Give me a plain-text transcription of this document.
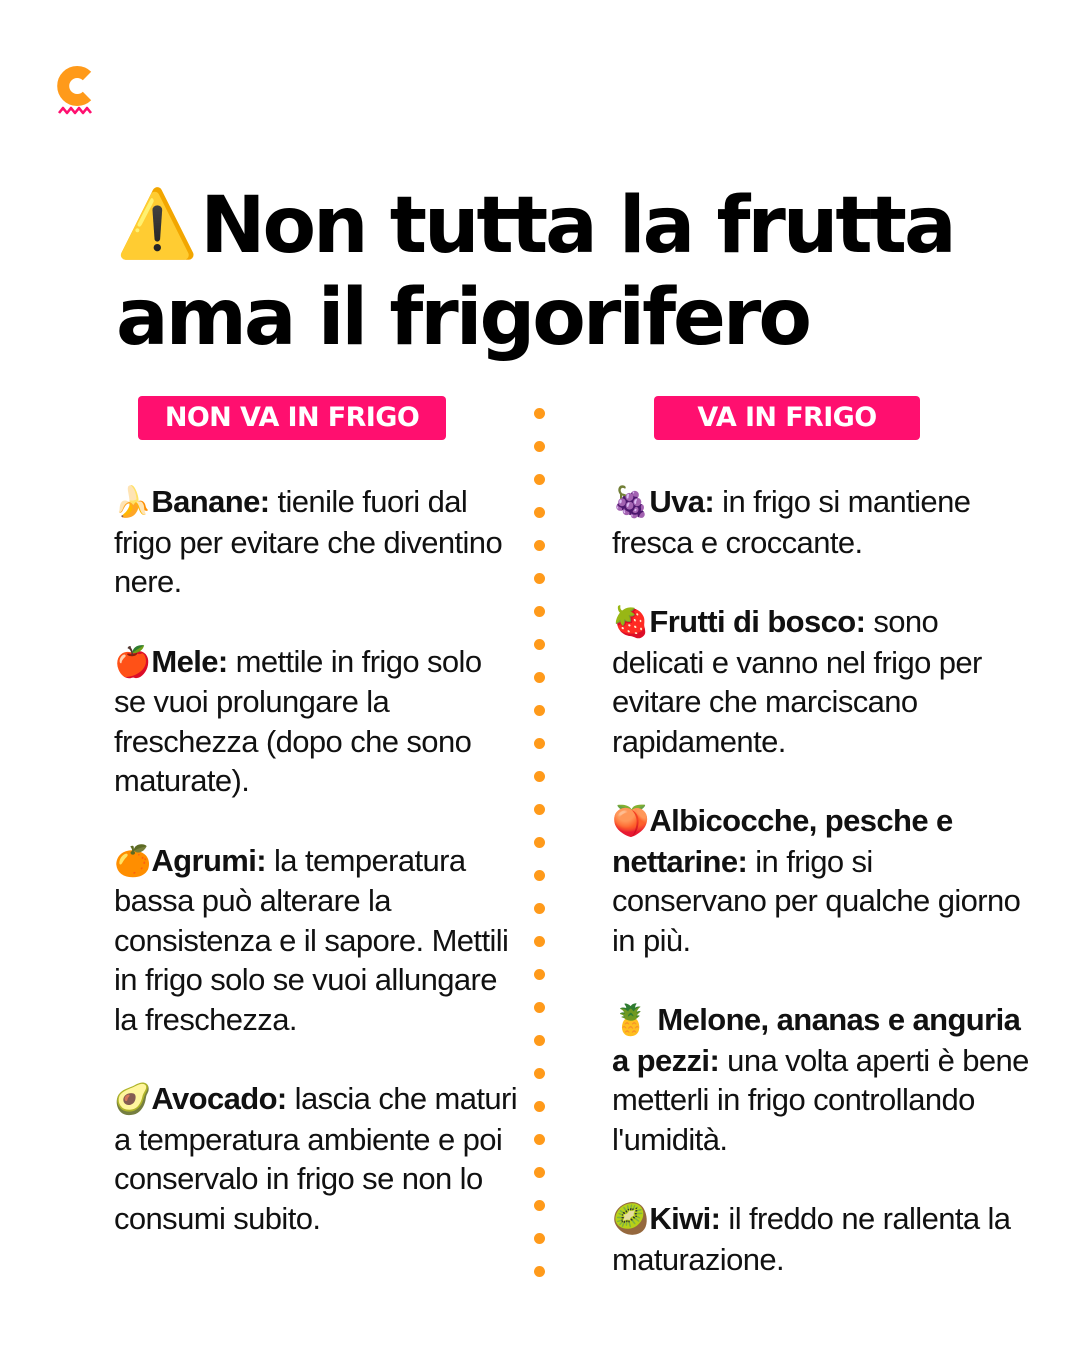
⚠️Non tutta la frutta ama il frigorifero
NON VA IN FRIGO

🍌Banane: tienile fuori dal frigo per evitare che diventino nere.

🍎Mele: mettile in frigo solo se vuoi prolungare la freschezza (dopo che sono maturate).

🍊Agrumi: la temperatura bassa può alterare la consistenza e il sapore. Mettili in frigo solo se vuoi allungare la freschezza.

🥑Avocado: lascia che maturi a temperatura ambiente e poi conservalo in frigo se non lo consumi subito.

VA IN FRIGO

🍇Uva: in frigo si mantiene fresca e croccante.

🍓Frutti di bosco: sono delicati e vanno nel frigo per evitare che marciscano rapidamente.

🍑Albicocche, pesche e nettarine: in frigo si conservano per qualche giorno in più.

🍍 Melone, ananas e anguria a pezzi: una volta aperti è bene metterli in frigo controllando l'umidità.

🥝Kiwi: il freddo ne rallenta la maturazione.
